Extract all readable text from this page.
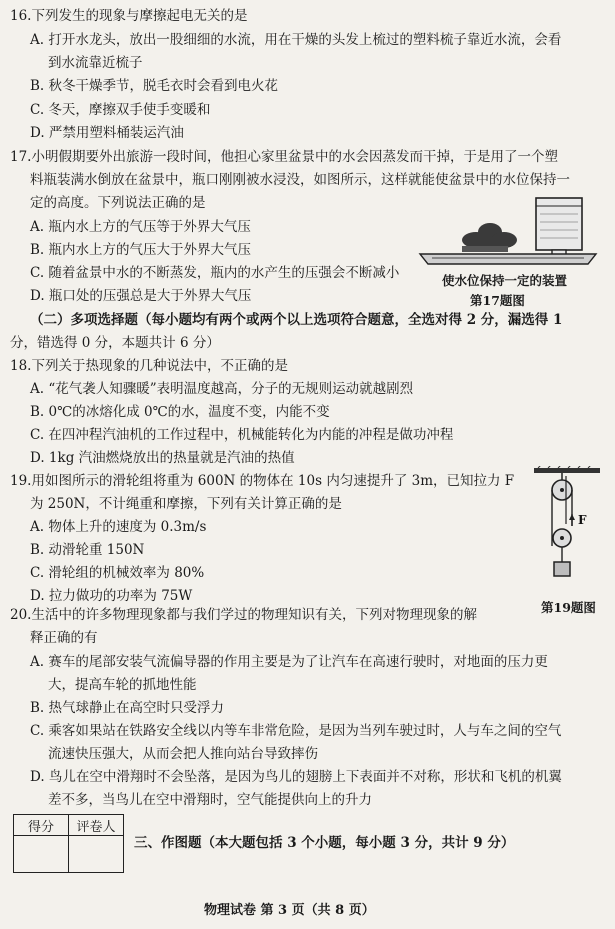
16.下列发生的现象与摩擦起电无关的是
A. 打开水龙头，放出一股细细的水流，用在干燥的头发上梳过的塑料梳子靠近水流，会看
到水流靠近梳子
B. 秋冬干燥季节，脱毛衣时会看到电火花
C. 冬天，摩擦双手使手变暖和
D. 严禁用塑料桶装运汽油
17.小明假期要外出旅游一段时间，他担心家里盆景中的水会因蒸发而干掉，于是用了一个塑
料瓶装满水倒放在盆景中，瓶口刚刚被水浸没，如图所示，这样就能使盆景中的水位保持一
定的高度。下列说法正确的是
A. 瓶内水上方的气压等于外界大气压
B. 瓶内水上方的气压大于外界大气压
C. 随着盆景中水的不断蒸发，瓶内的水产生的压强会不断减小
D. 瓶口处的压强总是大于外界大气压
使水位保持一定的装置
第17题图
（二）多项选择题（每小题均有两个或两个以上选项符合题意，全选对得 2 分，漏选得 1
分，错选得 0 分，本题共计 6 分）
18.下列关于热现象的几种说法中，不正确的是
A. “花气袭人知骤暖”表明温度越高，分子的无规则运动就越剧烈
B. 0℃的冰熔化成 0℃的水，温度不变，内能不变
C. 在四冲程汽油机的工作过程中，机械能转化为内能的冲程是做功冲程
D. 1kg 汽油燃烧放出的热量就是汽油的热值
19.用如图所示的滑轮组将重为 600N 的物体在 10s 内匀速提升了 3m，已知拉力 F
为 250N，不计绳重和摩擦，下列有关计算正确的是
A. 物体上升的速度为 0.3m/s
B. 动滑轮重 150N
C. 滑轮组的机械效率为 80%
D. 拉力做功的功率为 75W
F
第19题图
20.生活中的许多物理现象都与我们学过的物理知识有关，下列对物理现象的解
释正确的有
A. 赛车的尾部安装气流偏导器的作用主要是为了让汽车在高速行驶时，对地面的压力更
大，提高车轮的抓地性能
B. 热气球静止在高空时只受浮力
C. 乘客如果站在铁路安全线以内等车非常危险，是因为当列车驶过时，人与车之间的空气
流速快压强大，从而会把人推向站台导致摔伤
D. 鸟儿在空中滑翔时不会坠落，是因为鸟儿的翅膀上下表面并不对称，形状和飞机的机翼
差不多，当鸟儿在空中滑翔时，空气能提供向上的升力
得分	评卷人

三、作图题（本大题包括 3 个小题，每小题 3 分，共计 9 分）
物理试卷 第 3 页（共 8 页）
